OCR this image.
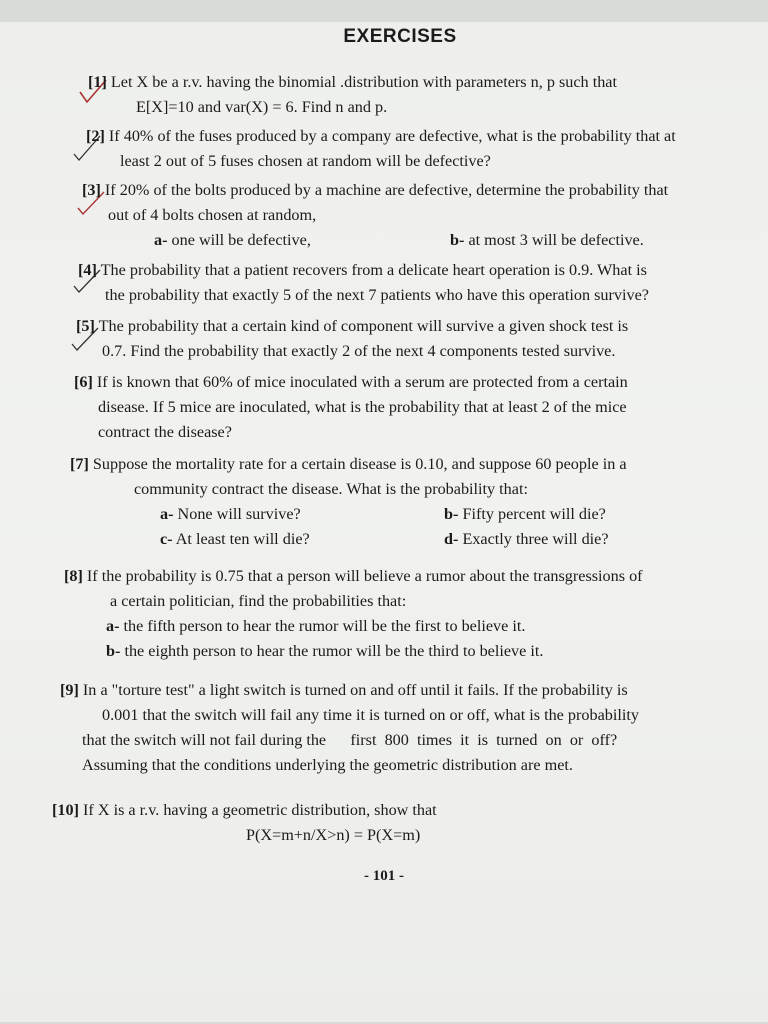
EXERCISES

[1] Let X be a r.v. having the binomial .distribution with parameters n, p such that

E[X]=10 and var(X) = 6. Find n and p.

[2] If 40% of the fuses produced by a company are defective, what is the probability that at

least 2 out of 5 fuses chosen at random will be defective?

[3] If 20% of the bolts produced by a machine are defective, determine the probability that

out of 4 bolts chosen at random,

a- one will be defective,	b- at most 3 will be defective.

[4] The probability that a patient recovers from a delicate heart operation is 0.9. What is

the probability that exactly 5 of the next 7 patients who have this operation survive?

[5] The probability that a certain kind of component will survive a given shock test is

0.7. Find the probability that exactly 2 of the next 4 components tested survive.

[6] If is known that 60% of mice inoculated with a serum are protected from a certain

disease. If 5 mice are inoculated, what is the probability that at least 2 of the mice

contract the disease?

[7] Suppose the mortality rate for a certain disease is 0.10, and suppose 60 people in a

community contract the disease. What is the probability that:

a- None will survive?	b- Fifty percent will die?
c- At least ten will die?	d- Exactly three will die?

[8] If the probability is 0.75 that a person will believe a rumor about the transgressions of

a certain politician, find the probabilities that:

a- the fifth person to hear the rumor will be the first to believe it.

b- the eighth person to hear the rumor will be the third to believe it.

[9] In a "torture test" a light switch is turned on and off until it fails. If the probability is

0.001 that the switch will fail any time it is turned on or off, what is the probability

that the switch will not fail during the      first  800  times  it  is  turned  on  or  off?

Assuming that the conditions underlying the geometric distribution are met.

[10] If X is a r.v. having a geometric distribution, show that

P(X=m+n/X>n) = P(X=m)

- 101 -
